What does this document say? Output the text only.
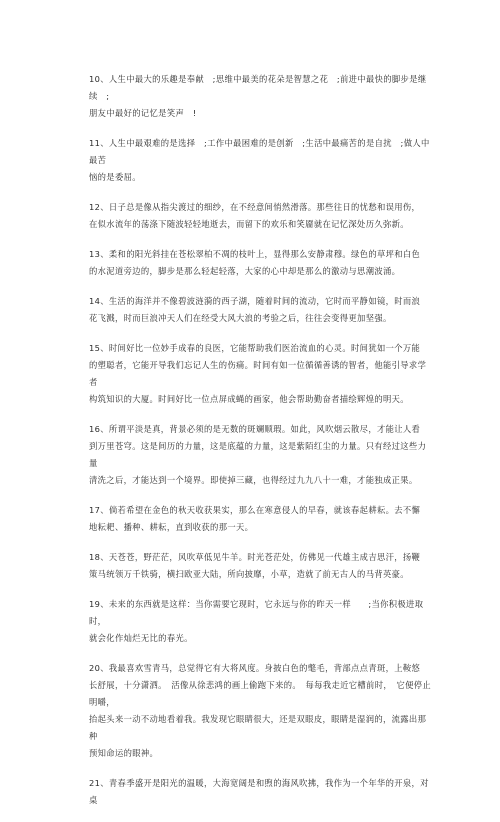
10、人生中最大的乐趣是奉献　;思维中最美的花朵是智慧之花　;前进中最快的脚步是继续　;
朋友中最好的记忆是笑声　!
11、人生中最艰难的是选择　;工作中最困难的是创新　;生活中最痛苦的是自扰　;做人中最苦
恼的是委屈。
12、日子总是像从指尖渡过的细纱，在不经意间悄然滑落。那些往日的忧愁和误用伤，
在似水流年的荡涤下随波轻轻地逝去，而留下的欢乐和笑靥就在记忆深处历久弥新。
13、柔和的阳光斜挂在苍松翠柏不凋的枝叶上，显得那么安静肃穆。绿色的草坪和白色
的水泥道旁边的，脚步是那么轻起轻落，大家的心中却是那么的激动与思潮波涌。
14、生活的海洋并不像碧波涟漪的西子湖，随着时间的流动，它时而平静如镜，时而浪
花飞溅，时而巨浪冲天人们在经受大风大浪的考验之后，往往会变得更加坚强。
15、时间好比一位妙手成春的良医，它能帮助我们医治流血的心灵。时间犹如一个万能
的塑聪者，它能开导我们忘记人生的伤痛。时间有如一位循循善诱的智者，他能引导求学者
构筑知识的大厦。时间好比一位点屏成蝇的画家，他会帮助勤奋者描绘辉煌的明天。
16、所谓平淡是真，背景必须的是无数的斑斓顺瑕。如此，风吹烟云散尽，才能让人看
到万里苍穹。这是间历的力量，这是底蕴的力量，这是紫陌红尘的力量。只有经过这些力量
清洗之后，才能达到一个境界。即使掉三藏，也得经过九九八十一难，才能独成正果。
17、倘若希望在金色的秋天收获果实，那么在寒意侵人的早春，就该春起耕耘。去不懈
地耘耙、播种、耕耘，直到收获的那一天。
18、天苍苍，野茫茫，风吹草低见牛羊。时光苍茫处，仿佛见一代雄主成吉思汗，扬鞭
策马统领万千铁骑，横扫欧亚大陆，所向披靡，小草，造就了前无古人的马背英豪。
19、未来的东西就是这样：当你需要它现时，它永远与你的昨天一样　　;当你积极进取时，
就会化作灿烂无比的春光。
20、我最喜欢雪青马，总觉得它有大将风度。身披白色的氅毛，背部点点青斑，上鞍悠
长舒展，十分潇洒。　活像从徐悲鸿的画上偷跑下来的。　每每我走近它槽前时，　它便停止明嚼，
抬起头来一动不动地看着我。我发现它眼睛很大，还是双眼皮，眼睛是湿润的，流露出那种
预知命运的眼神。
21、青春季盛开是阳光的温暖，大海宽阔是和煦的海风吹拂，我作为一个年华的开泉，对桌
